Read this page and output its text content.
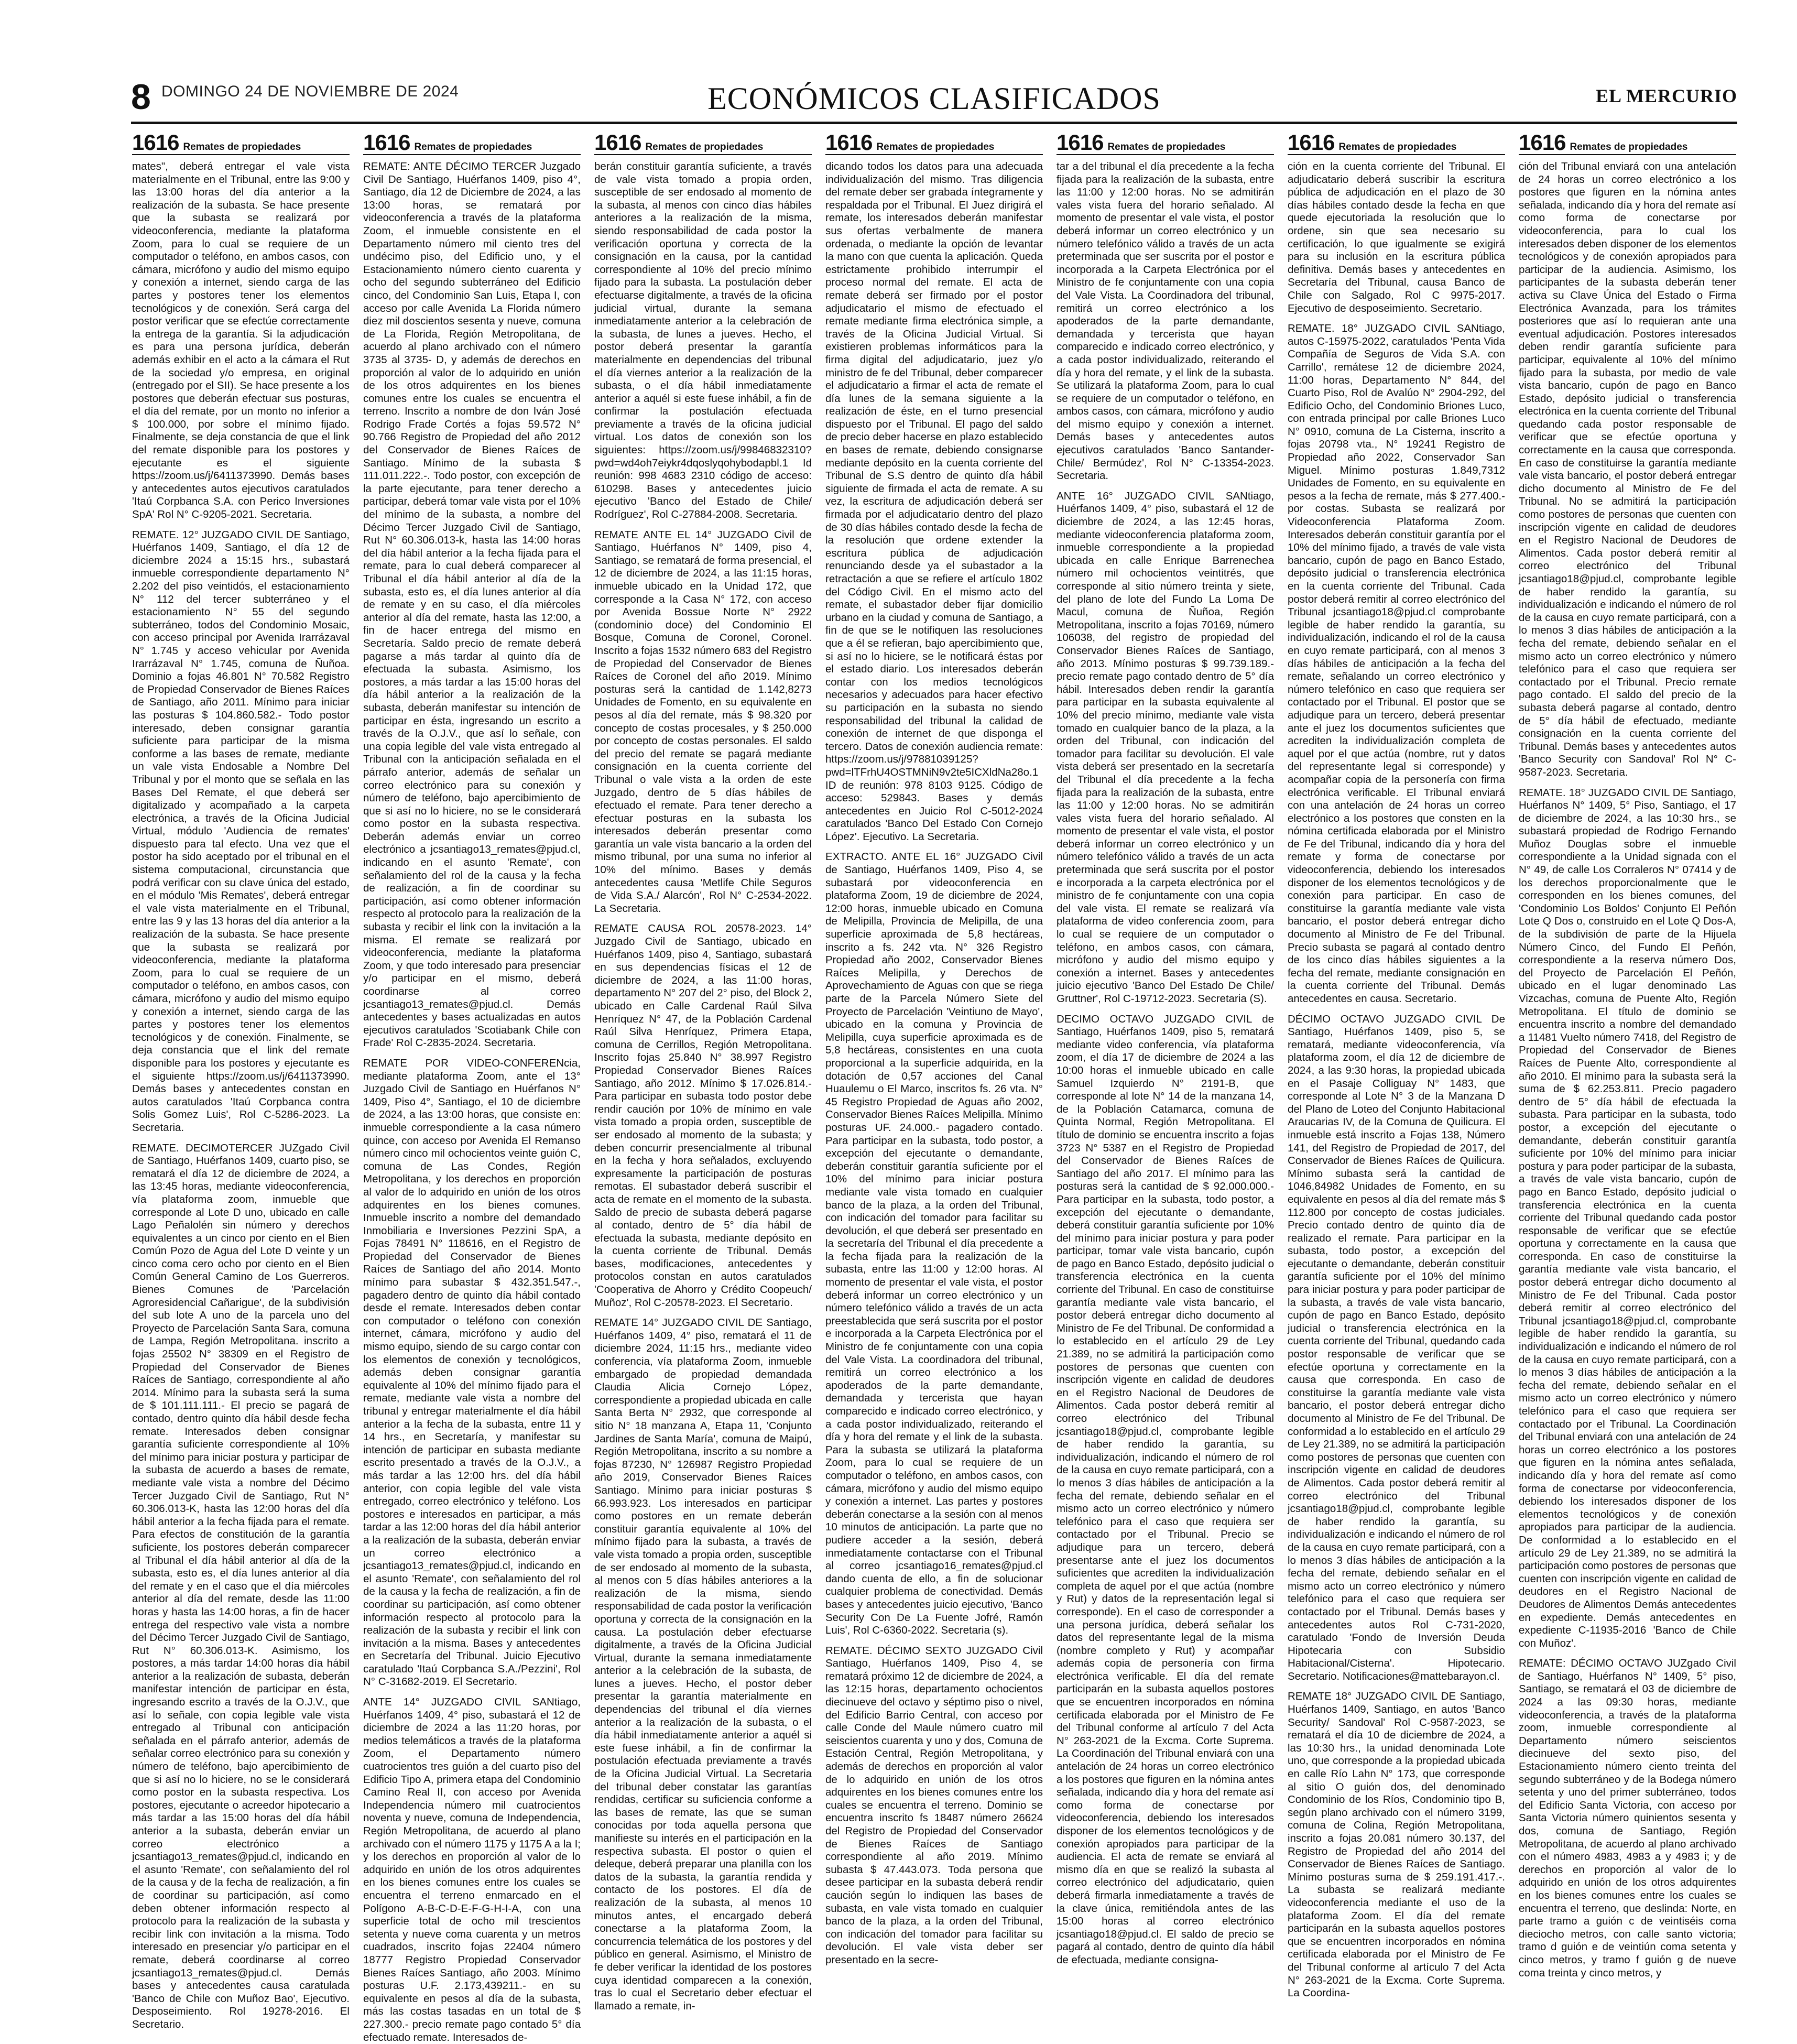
8 DOMINGO 24 DE NOVIEMBRE DE 2024	ECONÓMICOS CLASIFICADOS	EL MERCURIO
1616 Remates de propiedades

mates", deberá entregar el vale vista materialmente en el Tribunal, entre las 9:00 y las 13:00 horas del día anterior a la realización de la subasta. Se hace presente que la subasta se realizará por videoconferencia, mediante la plataforma Zoom, para lo cual se requiere de un computador o teléfono, en ambos casos, con cámara, micrófono y audio del mismo equipo y conexión a internet, siendo carga de las partes y postores tener los elementos tecnológicos y de conexión. Será carga del postor verificar que se efectúe correctamente la entrega de la garantía. Si la adjudicación es para una persona jurídica, deberán además exhibir en el acto a la cámara el Rut de la sociedad y/o empresa, en original (entregado por el SII). Se hace presente a los postores que deberán efectuar sus posturas, el día del remate, por un monto no inferior a $ 100.000, por sobre el mínimo fijado. Finalmente, se deja constancia de que el link del remate disponible para los postores y ejecutante es el siguiente https://zoom.us/j/6411373990. Demás bases y antecedentes autos ejecutivos caratulados 'Itaú Corpbanca S.A. con Perico Inversiones SpA' Rol N° C-9205-2021. Secretaria.

REMATE. 12° JUZGADO CIVIL DE Santiago, Huérfanos 1409, Santiago, el día 12 de diciembre 2024 a 15:15 hrs., subastará inmueble correspondiente departamento N° 2.202 del piso veintidós, el estacionamiento N° 112 del tercer subterráneo y el estacionamiento N° 55 del segundo subterráneo, todos del Condominio Mosaic, con acceso principal por Avenida Irarrázaval N° 1.745 y acceso vehicular por Avenida Irarrázaval N° 1.745, comuna de Ñuñoa. Dominio a fojas 46.801 N° 70.582 Registro de Propiedad Conservador de Bienes Raíces de Santiago, año 2011. Mínimo para iniciar las posturas $ 104.860.582.- Todo postor interesado, deben consignar garantía suficiente para participar de la misma conforme a las bases de remate, mediante un vale vista Endosable a Nombre Del Tribunal y por el monto que se señala en las Bases Del Remate, el que deberá ser digitalizado y acompañado a la carpeta electrónica, a través de la Oficina Judicial Virtual, módulo 'Audiencia de remates' dispuesto para tal efecto. Una vez que el postor ha sido aceptado por el tribunal en el sistema computacional, circunstancia que podrá verificar con su clave única del estado, en el módulo 'Mis Remates', deberá entregar el vale vista materialmente en el Tribunal, entre las 9 y las 13 horas del día anterior a la realización de la subasta. Se hace presente que la subasta se realizará por videoconferencia, mediante la plataforma Zoom, para lo cual se requiere de un computador o teléfono, en ambos casos, con cámara, micrófono y audio del mismo equipo y conexión a internet, siendo carga de las partes y postores tener los elementos tecnológicos y de conexión. Finalmente, se deja constancia que el link del remate disponible para los postores y ejecutante es el siguiente https://zoom.us/j/6411373990. Demás bases y antecedentes constan en autos caratulados 'Itaú Corpbanca contra Solis Gomez Luis', Rol C-5286-2023. La Secretaria.

REMATE. DECIMOTERCER JUZgado Civil de Santiago, Huérfanos 1409, cuarto piso, se rematará el día 12 de diciembre de 2024, a las 13:45 horas, mediante videoconferencia, vía plataforma zoom, inmueble que corresponde al Lote D uno, ubicado en calle Lago Peñalolén sin número y derechos equivalentes a un cinco por ciento en el Bien Común Pozo de Agua del Lote D veinte y un cinco coma cero ocho por ciento en el Bien Común General Camino de Los Guerreros. Bienes Comunes de 'Parcelación Agroresidencial Cañarigue', de la subdivisión del sub lote A uno de la parcela uno del Proyecto de Parcelación Santa Sara, comuna de Lampa, Región Metropolitana. inscrito a fojas 25502 N° 38309 en el Registro de Propiedad del Conservador de Bienes Raíces de Santiago, correspondiente al año 2014. Mínimo para la subasta será la suma de $ 101.111.111.- El precio se pagará de contado, dentro quinto día hábil desde fecha remate. Interesados deben consignar garantía suficiente correspondiente al 10% del mínimo para iniciar postura y participar de la subasta de acuerdo a bases de remate, mediante vale vista a nombre del Décimo Tercer Juzgado Civil de Santiago, Rut N° 60.306.013-K, hasta las 12:00 horas del día hábil anterior a la fecha fijada para el remate. Para efectos de constitución de la garantía suficiente, los postores deberán comparecer al Tribunal el día hábil anterior al día de la subasta, esto es, el día lunes anterior al día del remate y en el caso que el día miércoles anterior al día del remate, desde las 11:00 horas y hasta las 14:00 horas, a fin de hacer entrega del respectivo vale vista a nombre del Décimo Tercer Juzgado Civil de Santiago, Rut N° 60.306.013-K. Asimismo, los postores, a más tardar 14:00 horas día hábil anterior a la realización de subasta, deberán manifestar intención de participar en ésta, ingresando escrito a través de la O.J.V., que así lo señale, con copia legible vale vista entregado al Tribunal con anticipación señalada en el párrafo anterior, además de señalar correo electrónico para su conexión y número de teléfono, bajo apercibimiento de que si así no lo hiciere, no se le considerará como postor en la subasta respectiva. Los postores, ejecutante o acreedor hipotecario a más tardar a las 15:00 horas del día hábil anterior a la subasta, deberán enviar un correo electrónico a jcsantiago13_remates@pjud.cl, indicando en el asunto 'Remate', con señalamiento del rol de la causa y de la fecha de realización, a fin de coordinar su participación, así como deben obtener información respecto al protocolo para la realización de la subasta y recibir link con invitación a la misma. Todo interesado en presenciar y/o participar en el remate, deberá coordinarse al correo jcsantiago13_remates@pjud.cl. Demás bases y antecedentes causa caratulada 'Banco de Chile con Muñoz Bao', Ejecutivo. Desposeimiento. Rol 19278-2016. El Secretario.

1616 Remates de propiedades

REMATE: ANTE DÉCIMO TERCER Juzgado Civil De Santiago, Huérfanos 1409, piso 4°, Santiago, día 12 de Diciembre de 2024, a las 13:00 horas, se rematará por videoconferencia a través de la plataforma Zoom, el inmueble consistente en el Departamento número mil ciento tres del undécimo piso, del Edificio uno, y el Estacionamiento número ciento cuarenta y ocho del segundo subterráneo del Edificio cinco, del Condominio San Luis, Etapa I, con acceso por calle Avenida La Florida número diez mil doscientos sesenta y nueve, comuna de La Florida, Región Metropolitana, de acuerdo al plano archivado con el número 3735 al 3735- D, y además de derechos en proporción al valor de lo adquirido en unión de los otros adquirentes en los bienes comunes entre los cuales se encuentra el terreno. Inscrito a nombre de don Iván José Rodrigo Frade Cortés a fojas 59.572 N° 90.766 Registro de Propiedad del año 2012 del Conservador de Bienes Raíces de Santiago. Mínimo de la subasta $ 111.011.222.-. Todo postor, con excepción de la parte ejecutante, para tener derecho a participar, deberá tomar vale vista por el 10% del mínimo de la subasta, a nombre del Décimo Tercer Juzgado Civil de Santiago, Rut N° 60.306.013-k, hasta las 14:00 horas del día hábil anterior a la fecha fijada para el remate, para lo cual deberá comparecer al Tribunal el día hábil anterior al día de la subasta, esto es, el día lunes anterior al día de remate y en su caso, el día miércoles anterior al día del remate, hasta las 12:00, a fin de hacer entrega del mismo en Secretaría. Saldo precio de remate deberá pagarse a más tardar al quinto día de efectuada la subasta. Asimismo, los postores, a más tardar a las 15:00 horas del día hábil anterior a la realización de la subasta, deberán manifestar su intención de participar en ésta, ingresando un escrito a través de la O.J.V., que así lo señale, con una copia legible del vale vista entregado al Tribunal con la anticipación señalada en el párrafo anterior, además de señalar un correo electrónico para su conexión y número de teléfono, bajo apercibimiento de que si así no lo hiciere, no se le considerará como postor en la subasta respectiva. Deberán además enviar un correo electrónico a jcsantiago13_remates@pjud.cl, indicando en el asunto 'Remate', con señalamiento del rol de la causa y la fecha de realización, a fin de coordinar su participación, así como obtener información respecto al protocolo para la realización de la subasta y recibir el link con la invitación a la misma. El remate se realizará por videoconferencia, mediante la plataforma Zoom, y que todo interesado para presenciar y/o participar en el mismo, deberá coordinarse al correo jcsantiago13_remates@pjud.cl. Demás antecedentes y bases actualizadas en autos ejecutivos caratulados 'Scotiabank Chile con Frade' Rol C-2835-2024. Secretaria.

REMATE POR VIDEO-CONFERENcia, mediante plataforma Zoom, ante el 13° Juzgado Civil de Santiago en Huérfanos N° 1409, Piso 4°, Santiago, el 10 de diciembre de 2024, a las 13:00 horas, que consiste en: inmueble correspondiente a la casa número quince, con acceso por Avenida El Remanso número cinco mil ochocientos veinte guión C, comuna de Las Condes, Región Metropolitana, y los derechos en proporción al valor de lo adquirido en unión de los otros adquirentes en los bienes comunes. Inmueble inscrito a nombre del demandado Inmobiliaria e Inversiones Pezzini SpA, a Fojas 78491 N° 118616, en el Registro de Propiedad del Conservador de Bienes Raíces de Santiago del año 2014. Monto mínimo para subastar $ 432.351.547.-, pagadero dentro de quinto día hábil contado desde el remate. Interesados deben contar con computador o teléfono con conexión internet, cámara, micrófono y audio del mismo equipo, siendo de su cargo contar con los elementos de conexión y tecnológicos, además deben consignar garantía equivalente al 10% del mínimo fijado para el remate, mediante vale vista a nombre del tribunal y entregar materialmente el día hábil anterior a la fecha de la subasta, entre 11 y 14 hrs., en Secretaría, y manifestar su intención de participar en subasta mediante escrito presentado a través de la O.J.V., a más tardar a las 12:00 hrs. del día hábil anterior, con copia legible del vale vista entregado, correo electrónico y teléfono. Los postores e interesados en participar, a más tardar a las 12:00 horas del día hábil anterior a la realización de la subasta, deberán enviar un correo electrónico a jcsantiago13_remates@pjud.cl, indicando en el asunto 'Remate', con señalamiento del rol de la causa y la fecha de realización, a fin de coordinar su participación, así como obtener información respecto al protocolo para la realización de la subasta y recibir el link con invitación a la misma. Bases y antecedentes en Secretaría del Tribunal. Juicio Ejecutivo caratulado 'Itaú Corpbanca S.A./Pezzini', Rol N° C-31682-2019. El Secretario.

ANTE 14° JUZGADO CIVIL SANtiago, Huérfanos 1409, 4° piso, subastará el 12 de diciembre de 2024 a las 11:20 horas, por medios telemáticos a través de la plataforma Zoom, el Departamento número cuatrocientos tres guión a del cuarto piso del Edificio Tipo A, primera etapa del Condominio Camino Real II, con acceso por Avenida Independencia número mil cuatrocientos noventa y nueve, comuna de Independencia, Región Metropolitana, de acuerdo al plano archivado con el número 1175 y 1175 A a la I; y los derechos en proporción al valor de lo adquirido en unión de los otros adquirentes en los bienes comunes entre los cuales se encuentra el terreno enmarcado en el Polígono A-B-C-D-E-F-G-H-I-A, con una superficie total de ocho mil trescientos setenta y nueve coma cuarenta y un metros cuadrados, inscrito fojas 22404 número 18777 Registro Propiedad Conservador Bienes Raíces Santiago, año 2003. Mínimo posturas U.F. 2.173,439211.- en su equivalente en pesos al día de la subasta, más las costas tasadas en un total de $ 227.300.- precio remate pago contado 5° día efectuado remate. Interesados de-

1616 Remates de propiedades

berán constituir garantía suficiente, a través de vale vista tomado a propia orden, susceptible de ser endosado al momento de la subasta, al menos con cinco días hábiles anteriores a la realización de la misma, siendo responsabilidad de cada postor la verificación oportuna y correcta de la consignación en la causa, por la cantidad correspondiente al 10% del precio mínimo fijado para la subasta. La postulación deber efectuarse digitalmente, a través de la oficina judicial virtual, durante la semana inmediatamente anterior a la celebración de la subasta, de lunes a jueves. Hecho, el postor deberá presentar la garantía materialmente en dependencias del tribunal el día viernes anterior a la realización de la subasta, o el día hábil inmediatamente anterior a aquél si este fuese inhábil, a fin de confirmar la postulación efectuada previamente a través de la oficina judicial virtual. Los datos de conexión son los siguientes: https://zoom.us/j/99846832310?pwd=wd4oh7eiykr4dqoslyqohybodapbl.1 Id reunión: 998 4683 2310 código de acceso: 610298. Bases y antecedentes juicio ejecutivo 'Banco del Estado de Chile/ Rodríguez', Rol C-27884-2008. Secretaria.

REMATE ANTE EL 14° JUZGADO Civil de Santiago, Huérfanos N° 1409, piso 4, Santiago, se rematará de forma presencial, el 12 de diciembre de 2024, a las 11:15 horas, inmueble ubicado en la Unidad 172, que corresponde a la Casa N° 172, con acceso por Avenida Bossue Norte N° 2922 (condominio doce) del Condominio El Bosque, Comuna de Coronel, Coronel. Inscrito a fojas 1532 número 683 del Registro de Propiedad del Conservador de Bienes Raíces de Coronel del año 2019. Mínimo posturas será la cantidad de 1.142,8273 Unidades de Fomento, en su equivalente en pesos al día del remate, más $ 98.320 por concepto de costas procesales, y $ 250.000 por concepto de costas personales. El saldo del precio del remate se pagará mediante consignación en la cuenta corriente del Tribunal o vale vista a la orden de este Juzgado, dentro de 5 días hábiles de efectuado el remate. Para tener derecho a efectuar posturas en la subasta los interesados deberán presentar como garantía un vale vista bancario a la orden del mismo tribunal, por una suma no inferior al 10% del mínimo. Bases y demás antecedentes causa 'Metlife Chile Seguros de Vida S.A./ Alarcón', Rol N° C-2534-2022. La Secretaria.

REMATE CAUSA ROL 20578-2023. 14° Juzgado Civil de Santiago, ubicado en Huérfanos 1409, piso 4, Santiago, subastará en sus dependencias físicas el 12 de diciembre de 2024, a las 11:00 horas, departamento N° 207 del 2° piso, del Block 2, ubicado en Calle Cardenal Raúl Silva Henríquez N° 47, de la Población Cardenal Raúl Silva Henríquez, Primera Etapa, comuna de Cerrillos, Región Metropolitana. Inscrito fojas 25.840 N° 38.997 Registro Propiedad Conservador Bienes Raíces Santiago, año 2012. Mínimo $ 17.026.814.- Para participar en subasta todo postor debe rendir caución por 10% de mínimo en vale vista tomado a propia orden, susceptible de ser endosado al momento de la subasta; y deben concurrir presencialmente al tribunal en la fecha y hora señalados, excluyendo expresamente la participación de posturas remotas. El subastador deberá suscribir el acta de remate en el momento de la subasta. Saldo de precio de subasta deberá pagarse al contado, dentro de 5° día hábil de efectuada la subasta, mediante depósito en la cuenta corriente de Tribunal. Demás bases, modificaciones, antecedentes y protocolos constan en autos caratulados 'Cooperativa de Ahorro y Crédito Coopeuch/ Muñoz', Rol C-20578-2023. El Secretario.

REMATE 14° JUZGADO CIVIL DE Santiago, Huérfanos 1409, 4° piso, rematará el 11 de diciembre 2024, 11:15 hrs., mediante video conferencia, vía plataforma Zoom, inmueble embargado de propiedad demandada Claudia Alicia Cornejo López, correspondiente a propiedad ubicada en calle Santa Berta N° 2932, que corresponde al sitio N° 18 manzana A, Etapa 11, 'Conjunto Jardines de Santa María', comuna de Maipú, Región Metropolitana, inscrito a su nombre a fojas 87230, N° 126987 Registro Propiedad año 2019, Conservador Bienes Raíces Santiago. Mínimo para iniciar posturas $ 66.993.923. Los interesados en participar como postores en un remate deberán constituir garantía equivalente al 10% del mínimo fijado para la subasta, a través de vale vista tomado a propia orden, susceptible de ser endosado al momento de la subasta, al menos con 5 días hábiles anteriores a la realización de la misma, siendo responsabilidad de cada postor la verificación oportuna y correcta de la consignación en la causa. La postulación deber efectuarse digitalmente, a través de la Oficina Judicial Virtual, durante la semana inmediatamente anterior a la celebración de la subasta, de lunes a jueves. Hecho, el postor deber presentar la garantía materialmente en dependencias del tribunal el día viernes anterior a la realización de la subasta, o el día hábil inmediatamente anterior a aquél si este fuese inhábil, a fin de confirmar la postulación efectuada previamente a través de la Oficina Judicial Virtual. La Secretaria del tribunal deber constatar las garantías rendidas, certificar su suficiencia conforme a las bases de remate, las que se suman conocidas por toda aquella persona que manifieste su interés en el participación en la respectiva subasta. El postor o quien el deleque, deberá preparar una planilla con los datos de la subasta, la garantía rendida y contacto de los postores. El día de realización de la subasta, al menos 10 minutos antes, el encargado deberá conectarse a la plataforma Zoom, la concurrencia telemática de los postores y del público en general. Asimismo, el Ministro de fe deber verificar la identidad de los postores cuya identidad comparecen a la conexión, tras lo cual el Secretario deber efectuar el llamado a remate, in-

1616 Remates de propiedades

dicando todos los datos para una adecuada individualización del mismo. Tras diligencia del remate deber ser grabada íntegramente y respaldada por el Tribunal. El Juez dirigirá el remate, los interesados deberán manifestar sus ofertas verbalmente de manera ordenada, o mediante la opción de levantar la mano con que cuenta la aplicación. Queda estrictamente prohibido interrumpir el proceso normal del remate. El acta de remate deberá ser firmado por el postor adjudicatario el mismo de efectuado el remate mediante firma electrónica simple, a través de la Oficina Judicial Virtual. Si existieren problemas informáticos para la firma digital del adjudicatario, juez y/o ministro de fe del Tribunal, deber comparecer el adjudicatario a firmar el acta de remate el día lunes de la semana siguiente a la realización de éste, en el turno presencial dispuesto por el Tribunal. El pago del saldo de precio deber hacerse en plazo establecido en bases de remate, debiendo consignarse mediante depósito en la cuenta corriente del Tribunal de S.S dentro de quinto día hábil siguiente de firmada el acta de remate. A su vez, la escritura de adjudicación deberá ser firmada por el adjudicatario dentro del plazo de 30 días hábiles contado desde la fecha de la resolución que ordene extender la escritura pública de adjudicación renunciando desde ya el subastador a la retractación a que se refiere el artículo 1802 del Código Civil. En el mismo acto del remate, el subastador deber fijar domicilio urbano en la ciudad y comuna de Santiago, a fin de que se le notifiquen las resoluciones que a él se refieran, bajo apercibimiento que, si así no lo hiciere, se le notificará éstas por el estado diario. Los interesados deberán contar con los medios tecnológicos necesarios y adecuados para hacer efectivo su participación en la subasta no siendo responsabilidad del tribunal la calidad de conexión de internet de que disponga el tercero. Datos de conexión audiencia remate: https://zoom.us/j/97881039125?pwd=lTFrhU4OSTMNiN9v2te5ICXldNa28o.1 ID de reunión: 978 8103 9125. Código de acceso: 529843. Bases y demás antecedentes en Juicio Rol C-5012-2024 caratulados 'Banco Del Estado Con Cornejo López'. Ejecutivo. La Secretaria.

EXTRACTO. ANTE EL 16° JUZGADO Civil de Santiago, Huérfanos 1409, Piso 4, se subastará por videoconferencia en plataforma Zoom, 19 de diciembre de 2024, 12:00 horas, inmueble ubicado en Comuna de Melipilla, Provincia de Melipilla, de una superficie aproximada de 5,8 hectáreas, inscrito a fs. 242 vta. N° 326 Registro Propiedad año 2002, Conservador Bienes Raíces Melipilla, y Derechos de Aprovechamiento de Aguas con que se riega parte de la Parcela Número Siete del Proyecto de Parcelación 'Veintiuno de Mayo', ubicado en la comuna y Provincia de Melipilla, cuya superficie aproximada es de 5,8 hectáreas, consistentes en una cuota proporcional a la superficie adquirida, en la dotación de 0,57 acciones del Canal Huaulemu o El Marco, inscritos fs. 26 vta. N° 45 Registro Propiedad de Aguas año 2002, Conservador Bienes Raíces Melipilla. Mínimo posturas UF. 24.000.- pagadero contado. Para participar en la subasta, todo postor, a excepción del ejecutante o demandante, deberán constituir garantía suficiente por el 10% del mínimo para iniciar postura mediante vale vista tomado en cualquier banco de la plaza, a la orden del Tribunal, con indicación del tomador para facilitar su devolución, el que deberá ser presentado en la secretaría del Tribunal el día precedente a la fecha fijada para la realización de la subasta, entre las 11:00 y 12:00 horas. Al momento de presentar el vale vista, el postor deberá informar un correo electrónico y un número telefónico válido a través de un acta preestablecida que será suscrita por el postor e incorporada a la Carpeta Electrónica por el Ministro de fe conjuntamente con una copia del Vale Vista. La coordinadora del tribunal, remitirá un correo electrónico a los apoderados de la parte demandante, demandada y tercerista que hayan comparecido e indicado correo electrónico, y a cada postor individualizado, reiterando el día y hora del remate y el link de la subasta. Para la subasta se utilizará la plataforma Zoom, para lo cual se requiere de un computador o teléfono, en ambos casos, con cámara, micrófono y audio del mismo equipo y conexión a internet. Las partes y postores deberán conectarse a la sesión con al menos 10 minutos de anticipación. La parte que no pudiere acceder a la sesión, deberá inmediatamente contactarse con el Tribunal al correo jcsantiago16_remates@pjud.cl dando cuenta de ello, a fin de solucionar cualquier problema de conectividad. Demás bases y antecedentes juicio ejecutivo, 'Banco Security Con De La Fuente Jofré, Ramón Luis', Rol C-6360-2022. Secretaria (s).

REMATE. DÉCIMO SEXTO JUZGADO Civil Santiago, Huérfanos 1409, Piso 4, se rematará próximo 12 de diciembre de 2024, a las 12:15 horas, departamento ochocientos diecinueve del octavo y séptimo piso o nivel, del Edificio Barrio Central, con acceso por calle Conde del Maule número cuatro mil seiscientos cuarenta y uno y dos, Comuna de Estación Central, Región Metropolitana, y además de derechos en proporción al valor de lo adquirido en unión de los otros adquirentes en los bienes comunes entre los cuales se encuentra el terreno. Dominio se encuentra inscrito fs 18487 número 26624 del Registro de Propiedad del Conservador de Bienes Raíces de Santiago correspondiente al año 2019. Mínimo subasta $ 47.443.073. Toda persona que desee participar en la subasta deberá rendir caución según lo indiquen las bases de subasta, en vale vista tomado en cualquier banco de la plaza, a la orden del Tribunal, con indicación del tomador para facilitar su devolución. El vale vista deber ser presentado en la secre-

1616 Remates de propiedades

tar a del tribunal el día precedente a la fecha fijada para la realización de la subasta, entre las 11:00 y 12:00 horas. No se admitirán vales vista fuera del horario señalado. Al momento de presentar el vale vista, el postor deberá informar un correo electrónico y un número telefónico válido a través de un acta preterminada que ser suscrita por el postor e incorporada a la Carpeta Electrónica por el Ministro de fe conjuntamente con una copia del Vale Vista. La Coordinadora del tribunal, remitirá un correo electrónico a los apoderados de la parte demandante, demandada y tercerista que hayan comparecido e indicado correo electrónico, y a cada postor individualizado, reiterando el día y hora del remate, y el link de la subasta. Se utilizará la plataforma Zoom, para lo cual se requiere de un computador o teléfono, en ambos casos, con cámara, micrófono y audio del mismo equipo y conexión a internet. Demás bases y antecedentes autos ejecutivos caratulados 'Banco Santander-Chile/ Bermúdez', Rol N° C-13354-2023. Secretaria.

ANTE 16° JUZGADO CIVIL SANtiago, Huérfanos 1409, 4° piso, subastará el 12 de diciembre de 2024, a las 12:45 horas, mediante videoconferencia plataforma zoom, inmueble correspondiente a la propiedad ubicada en calle Enrique Barrenechea número mil ochocientos veintitrés, que corresponde al sitio número treinta y siete, del plano de lote del Fundo La Loma De Macul, comuna de Ñuñoa, Región Metropolitana, inscrito a fojas 70169, número 106038, del registro de propiedad del Conservador Bienes Raíces de Santiago, año 2013. Mínimo posturas $ 99.739.189.- precio remate pago contado dentro de 5° día hábil. Interesados deben rendir la garantía para participar en la subasta equivalente al 10% del precio mínimo, mediante vale vista tomado en cualquier banco de la plaza, a la orden del Tribunal, con indicación del tomador para facilitar su devolución. El vale vista deberá ser presentado en la secretaría del Tribunal el día precedente a la fecha fijada para la realización de la subasta, entre las 11:00 y 12:00 horas. No se admitirán vales vista fuera del horario señalado. Al momento de presentar el vale vista, el postor deberá informar un correo electrónico y un número telefónico válido a través de un acta preterminada que será suscrita por el postor e incorporada a la carpeta electrónica por el ministro de fe conjuntamente con una copia del vale vista. El remate se realizará vía plataforma de video conferencia zoom, para lo cual se requiere de un computador o teléfono, en ambos casos, con cámara, micrófono y audio del mismo equipo y conexión a internet. Bases y antecedentes juicio ejecutivo 'Banco Del Estado De Chile/ Gruttner', Rol C-19712-2023. Secretaria (S).

DECIMO OCTAVO JUZGADO CIVIL de Santiago, Huérfanos 1409, piso 5, rematará mediante video conferencia, vía plataforma zoom, el día 17 de diciembre de 2024 a las 10:00 horas el inmueble ubicado en calle Samuel Izquierdo N° 2191-B, que corresponde al lote N° 14 de la manzana 14, de la Población Catamarca, comuna de Quinta Normal, Región Metropolitana. El título de dominio se encuentra inscrito a fojas 3723 N° 5387 en el Registro de Propiedad del Conservador de Bienes Raíces de Santiago del año 2017. El mínimo para las posturas será la cantidad de $ 92.000.000.- Para participar en la subasta, todo postor, a excepción del ejecutante o demandante, deberá constituir garantía suficiente por 10% del mínimo para iniciar postura y para poder participar, tomar vale vista bancario, cupón de pago en Banco Estado, depósito judicial o transferencia electrónica en la cuenta corriente del Tribunal. En caso de constituirse garantía mediante vale vista bancario, el postor deberá entregar dicho documento al Ministro de Fe del Tribunal. De conformidad a lo establecido en el artículo 29 de Ley 21.389, no se admitirá la participación como postores de personas que cuenten con inscripción vigente en calidad de deudores en el Registro Nacional de Deudores de Alimentos. Cada postor deberá remitir al correo electrónico del Tribunal jcsantiago18@pjud.cl, comprobante legible de haber rendido la garantía, su individualización, indicando el número de rol de la causa en cuyo remate participará, con a lo menos 3 días hábiles de anticipación a la fecha del remate, debiendo señalar en el mismo acto un correo electrónico y número telefónico para el caso que requiera ser contactado por el Tribunal. Precio se adjudique para un tercero, deberá presentarse ante el juez los documentos suficientes que acrediten la individualización completa de aquel por el que actúa (nombre y Rut) y datos de la representación legal si corresponde). En el caso de corresponder a una persona jurídica, deberá señalar los datos del representante legal de la misma (nombre completo y Rut) y acompañar además copia de personería con firma electrónica verificable. El día del remate participarán en la subasta aquellos postores que se encuentren incorporados en nómina certificada elaborada por el Ministro de Fe del Tribunal conforme al artículo 7 del Acta N° 263-2021 de la Excma. Corte Suprema. La Coordinación del Tribunal enviará con una antelación de 24 horas un correo electrónico a los postores que figuren en la nómina antes señalada, indicando día y hora del remate así como forma de conectarse por videoconferencia, debiendo los interesados disponer de los elementos tecnológicos y de conexión apropiados para participar de la audiencia. El acta de remate se enviará al mismo día en que se realizó la subasta al correo electrónico del adjudicatario, quien deberá firmarla inmediatamente a través de la clave única, remitiéndola antes de las 15:00 horas al correo electrónico jcsantiago18@pjud.cl. El saldo de precio se pagará al contado, dentro de quinto día hábil de efectuada, mediante consigna-

1616 Remates de propiedades

ción en la cuenta corriente del Tribunal. El adjudicatario deberá suscribir la escritura pública de adjudicación en el plazo de 30 días hábiles contado desde la fecha en que quede ejecutoriada la resolución que lo ordene, sin que sea necesario su certificación, lo que igualmente se exigirá para su inclusión en la escritura pública definitiva. Demás bases y antecedentes en Secretaría del Tribunal, causa Banco de Chile con Salgado, Rol C 9975-2017. Ejecutivo de desposeimiento. Secretario.

REMATE. 18° JUZGADO CIVIL SANtiago, autos C-15975-2022, caratulados 'Penta Vida Compañía de Seguros de Vida S.A. con Carrillo', remátese 12 de diciembre 2024, 11:00 horas, Departamento N° 844, del Cuarto Piso, Rol de Avalúo N° 2904-292, del Edificio Ocho, del Condominio Briones Luco, con entrada principal por calle Briones Luco N° 0910, comuna de La Cisterna, inscrito a fojas 20798 vta., N° 19241 Registro de Propiedad año 2022, Conservador San Miguel. Mínimo posturas 1.849,7312 Unidades de Fomento, en su equivalente en pesos a la fecha de remate, más $ 277.400.- por costas. Subasta se realizará por Videoconferencia Plataforma Zoom. Interesados deberán constituir garantía por el 10% del mínimo fijado, a través de vale vista bancario, cupón de pago en Banco Estado, depósito judicial o transferencia electrónica en la cuenta corriente del Tribunal. Cada postor deberá remitir al correo electrónico del Tribunal jcsantiago18@pjud.cl comprobante legible de haber rendido la garantía, su individualización, indicando el rol de la causa en cuyo remate participará, con al menos 3 días hábiles de anticipación a la fecha del remate, señalando un correo electrónico y número telefónico en caso que requiera ser contactado por el Tribunal. El postor que se adjudique para un tercero, deberá presentar ante el juez los documentos suficientes que acrediten la individualización completa de aquel por el que actúa (nombre, rut y datos del representante legal si corresponde) y acompañar copia de la personería con firma electrónica verificable. El Tribunal enviará con una antelación de 24 horas un correo electrónico a los postores que consten en la nómina certificada elaborada por el Ministro de Fe del Tribunal, indicando día y hora del remate y forma de conectarse por videoconferencia, debiendo los interesados disponer de los elementos tecnológicos y de conexión para participar. En caso de constituirse la garantía mediante vale vista bancario, el postor deberá entregar dicho documento al Ministro de Fe del Tribunal. Precio subasta se pagará al contado dentro de los cinco días hábiles siguientes a la fecha del remate, mediante consignación en la cuenta corriente del Tribunal. Demás antecedentes en causa. Secretario.

DÉCIMO OCTAVO JUZGADO CIVIL De Santiago, Huérfanos 1409, piso 5, se rematará, mediante videoconferencia, vía plataforma zoom, el día 12 de diciembre de 2024, a las 9:30 horas, la propiedad ubicada en el Pasaje Colliguay N° 1483, que corresponde al Lote N° 3 de la Manzana D del Plano de Loteo del Conjunto Habitacional Araucarias IV, de la Comuna de Quilicura. El inmueble está inscrito a Fojas 138, Número 141, del Registro de Propiedad de 2017, del Conservador de Bienes Raíces de Quilicura. Mínimo subasta será la cantidad de 1046,84982 Unidades de Fomento, en su equivalente en pesos al día del remate más $ 112.800 por concepto de costas judiciales. Precio contado dentro de quinto día de realizado el remate. Para participar en la subasta, todo postor, a excepción del ejecutante o demandante, deberán constituir garantía suficiente por el 10% del mínimo para iniciar postura y para poder participar de la subasta, a través de vale vista bancario, cupón de pago en Banco Estado, depósito judicial o transferencia electrónica en la cuenta corriente del Tribunal, quedando cada postor responsable de verificar que se efectúe oportuna y correctamente en la causa que corresponda. En caso de constituirse la garantía mediante vale vista bancario, el postor deberá entregar dicho documento al Ministro de Fe del Tribunal. De conformidad a lo establecido en el artículo 29 de Ley 21.389, no se admitirá la participación como postores de personas que cuenten con inscripción vigente en calidad de deudores de Alimentos. Cada postor deberá remitir al correo electrónico del Tribunal jcsantiago18@pjud.cl, comprobante legible de haber rendido la garantía, su individualización e indicando el número de rol de la causa en cuyo remate participará, con a lo menos 3 días hábiles de anticipación a la fecha del remate, debiendo señalar en el mismo acto un correo electrónico y número telefónico para el caso que requiera ser contactado por el Tribunal. Demás bases y antecedentes autos Rol C-731-2020, caratulado 'Fondo de Inversión Deuda Hipotecaria con Subsidio Habitacional/Cisterna'. Hipotecario. Secretario. Notificaciones@mattebarayon.cl.

REMATE 18° JUZGADO CIVIL DE Santiago, Huérfanos 1409, Santiago, en autos 'Banco Security/ Sandoval' Rol C-9587-2023, se rematará el día 10 de diciembre de 2024, a las 10:30 hrs., la unidad denominada Lote uno, que corresponde a la propiedad ubicada en calle Río Lahn N° 173, que corresponde al sitio O guión dos, del denominado Condominio de los Ríos, Condominio tipo B, según plano archivado con el número 3199, comuna de Colina, Región Metropolitana, inscrito a fojas 20.081 número 30.137, del Registro de Propiedad del año 2014 del Conservador de Bienes Raíces de Santiago. Mínimo posturas suma de $ 259.191.417.-. La subasta se realizará mediante videoconferencia mediante el uso de la plataforma Zoom. El día del remate participarán en la subasta aquellos postores que se encuentren incorporados en nómina certificada elaborada por el Ministro de Fe del Tribunal conforme al artículo 7 del Acta N° 263-2021 de la Excma. Corte Suprema. La Coordina-

1616 Remates de propiedades

ción del Tribunal enviará con una antelación de 24 horas un correo electrónico a los postores que figuren en la nómina antes señalada, indicando día y hora del remate así como forma de conectarse por videoconferencia, para lo cual los interesados deben disponer de los elementos tecnológicos y de conexión apropiados para participar de la audiencia. Asimismo, los participantes de la subasta deberán tener activa su Clave Única del Estado o Firma Electrónica Avanzada, para los trámites posteriores que así lo requieran ante una eventual adjudicación. Postores interesados deben rendir garantía suficiente para participar, equivalente al 10% del mínimo fijado para la subasta, por medio de vale vista bancario, cupón de pago en Banco Estado, depósito judicial o transferencia electrónica en la cuenta corriente del Tribunal quedando cada postor responsable de verificar que se efectúe oportuna y correctamente en la causa que corresponda. En caso de constituirse la garantía mediante vale vista bancario, el postor deberá entregar dicho documento al Ministro de Fe del Tribunal. No se admitirá la participación como postores de personas que cuenten con inscripción vigente en calidad de deudores en el Registro Nacional de Deudores de Alimentos. Cada postor deberá remitir al correo electrónico del Tribunal jcsantiago18@pjud.cl, comprobante legible de haber rendido la garantía, su individualización e indicando el número de rol de la causa en cuyo remate participará, con a lo menos 3 días hábiles de anticipación a la fecha del remate, debiendo señalar en el mismo acto un correo electrónico y número telefónico para el caso que requiera ser contactado por el Tribunal. Precio remate pago contado. El saldo del precio de la subasta deberá pagarse al contado, dentro de 5° día hábil de efectuado, mediante consignación en la cuenta corriente del Tribunal. Demás bases y antecedentes autos 'Banco Security con Sandoval' Rol N° C-9587-2023. Secretaria.

REMATE. 18° JUZGADO CIVIL DE Santiago, Huérfanos N° 1409, 5° Piso, Santiago, el 17 de diciembre de 2024, a las 10:30 hrs., se subastará propiedad de Rodrigo Fernando Muñoz Douglas sobre el inmueble correspondiente a la Unidad signada con el N° 49, de calle Los Corraleros N° 07414 y de los derechos proporcionalmente que le corresponden en los bienes comunes, del 'Condominio Los Boldos' Conjunto El Peñón Lote Q Dos o, construido en el Lote Q Dos-A, de la subdivisión de parte de la Hijuela Número Cinco, del Fundo El Peñón, correspondiente a la reserva número Dos, del Proyecto de Parcelación El Peñón, ubicado en el lugar denominado Las Vizcachas, comuna de Puente Alto, Región Metropolitana. El título de dominio se encuentra inscrito a nombre del demandado a 11481 Vuelto número 7418, del Registro de Propiedad del Conservador de Bienes Raíces de Puente Alto, correspondiente al año 2010. El mínimo para la subasta será la suma de $ 62.253.811. Precio pagadero dentro de 5° día hábil de efectuada la subasta. Para participar en la subasta, todo postor, a excepción del ejecutante o demandante, deberán constituir garantía suficiente por 10% del mínimo para iniciar postura y para poder participar de la subasta, a través de vale vista bancario, cupón de pago en Banco Estado, depósito judicial o transferencia electrónica en la cuenta corriente del Tribunal quedando cada postor responsable de verificar que se efectúe oportuna y correctamente en la causa que corresponda. En caso de constituirse la garantía mediante vale vista bancario, el postor deberá entregar dicho documento al Ministro de Fe del Tribunal. Cada postor deberá remitir al correo electrónico del Tribunal jcsantiago18@pjud.cl, comprobante legible de haber rendido la garantía, su individualización e indicando el número de rol de la causa en cuyo remate participará, con a lo menos 3 días hábiles de anticipación a la fecha del remate, debiendo señalar en el mismo acto un correo electrónico y número telefónico para el caso que requiera ser contactado por el Tribunal. La Coordinación del Tribunal enviará con una antelación de 24 horas un correo electrónico a los postores que figuren en la nómina antes señalada, indicando día y hora del remate así como forma de conectarse por videoconferencia, debiendo los interesados disponer de los elementos tecnológicos y de conexión apropiados para participar de la audiencia. De conformidad a lo establecido en el artículo 29 de Ley 21.389, no se admitirá la participación como postores de personas que cuenten con inscripción vigente en calidad de deudores en el Registro Nacional de Deudores de Alimentos Demás antecedentes en expediente. Demás antecedentes en expediente C-11935-2016 'Banco de Chile con Muñoz'.

REMATE: DÉCIMO OCTAVO JUZgado Civil de Santiago, Huérfanos N° 1409, 5° piso, Santiago, se rematará el 03 de diciembre de 2024 a las 09:30 horas, mediante videoconferencia, a través de la plataforma zoom, inmueble correspondiente al Departamento número seiscientos diecinueve del sexto piso, del Estacionamiento número ciento treinta del segundo subterráneo y de la Bodega número setenta y uno del primer subterráneo, todos del Edificio Santa Victoria, con acceso por Santa Victoria número quinientos sesenta y dos, comuna de Santiago, Región Metropolitana, de acuerdo al plano archivado con el número 4983, 4983 a y 4983 i; y de derechos en proporción al valor de lo adquirido en unión de los otros adquirentes en los bienes comunes entre los cuales se encuentra el terreno, que deslinda: Norte, en parte tramo a guión c de veintiséis coma dieciocho metros, con calle santo victoria; tramo d guión e de veintiún coma setenta y cinco metros, y tramo f guión g de nueve coma treinta y cinco metros, y
